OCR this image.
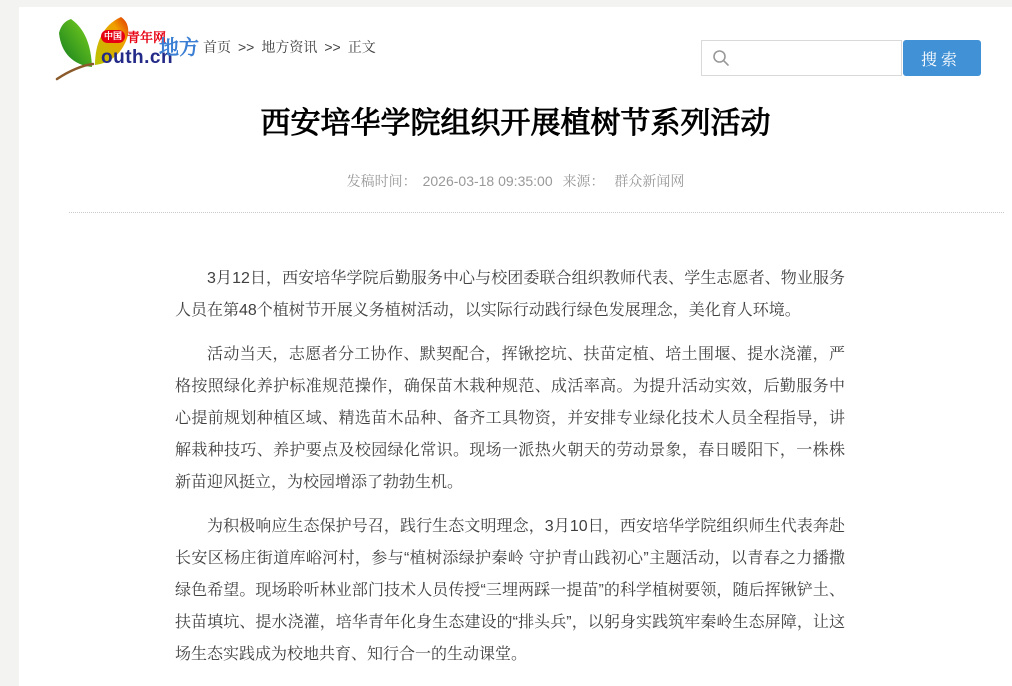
中国 青年网
outh.cn
地方 首页 >> 地方资讯 >> 正文
搜索
西安培华学院组织开展植树节系列活动
发稿时间： 2026-03-18 09:35:00 来源： 群众新闻网

3月12日，西安培华学院后勤服务中心与校团委联合组织教师代表、学生志愿者、物业服务人员在第48个植树节开展义务植树活动，以实际行动践行绿色发展理念，美化育人环境。

活动当天，志愿者分工协作、默契配合，挥锹挖坑、扶苗定植、培土围堰、提水浇灌，严格按照绿化养护标准规范操作，确保苗木栽种规范、成活率高。为提升活动实效，后勤服务中心提前规划种植区域、精选苗木品种、备齐工具物资，并安排专业绿化技术人员全程指导，讲解栽种技巧、养护要点及校园绿化常识。现场一派热火朝天的劳动景象，春日暖阳下，一株株新苗迎风挺立，为校园增添了勃勃生机。

为积极响应生态保护号召，践行生态文明理念，3月10日，西安培华学院组织师生代表奔赴长安区杨庄街道库峪河村，参与“植树添绿护秦岭 守护青山践初心”主题活动，以青春之力播撒绿色希望。现场聆听林业部门技术人员传授“三埋两踩一提苗”的科学植树要领，随后挥锹铲土、扶苗填坑、提水浇灌，培华青年化身生态建设的“排头兵”，以躬身实践筑牢秦岭生态屏障，让这场生态实践成为校地共育、知行合一的生动课堂。
